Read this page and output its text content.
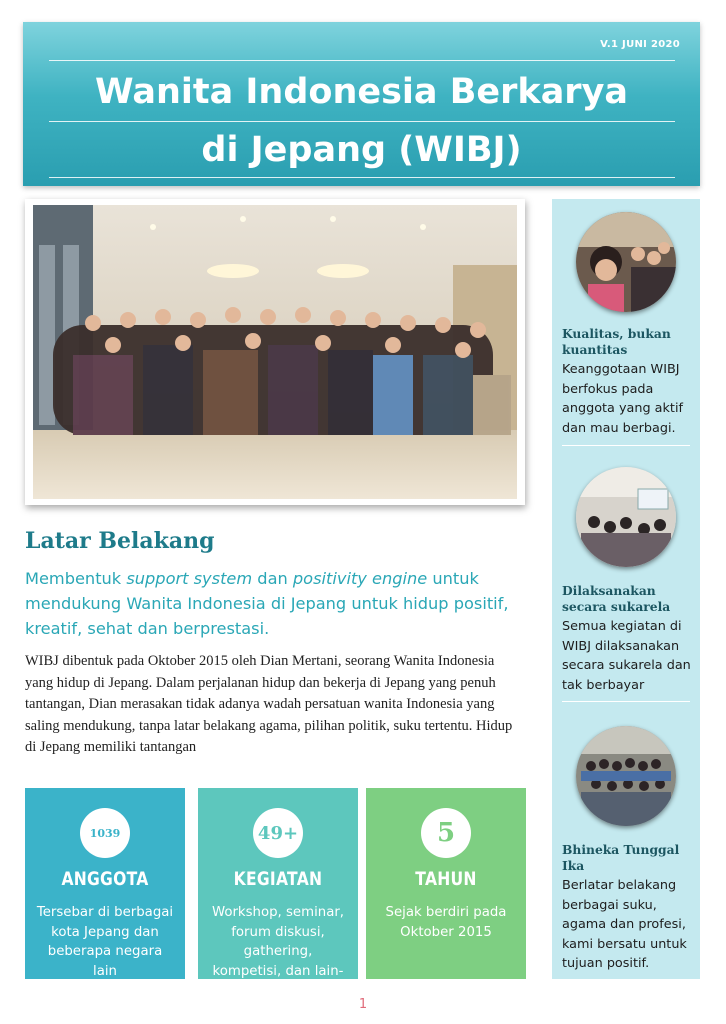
V.1 JUNI 2020
Wanita Indonesia Berkarya
di Jepang (WIBJ)
Latar Belakang

Membentuk support system dan positivity engine untuk mendukung Wanita Indonesia di Jepang untuk hidup positif, kreatif, sehat dan berprestasi.

WIBJ dibentuk pada Oktober 2015 oleh Dian Mertani, seorang Wanita Indonesia yang hidup di Jepang. Dalam perjalanan hidup dan bekerja di Jepang yang penuh tantangan, Dian merasakan tidak adanya wadah persatuan wanita Indonesia yang saling mendukung, tanpa latar belakang agama, pilihan politik, suku tertentu. Hidup di Jepang memiliki tantangan

1039
ANGGOTA
Tersebar di berbagai kota Jepang dan beberapa negara lain
49+
KEGIATAN
Workshop, seminar, forum diskusi, gathering, kompetisi, dan lain-lain
5
TAHUN
Sejak berdiri pada Oktober 2015
Kualitas, bukan kuantitas
Keanggotaan WIBJ berfokus pada anggota yang aktif dan mau berbagi.
Dilaksanakan secara sukarela
Semua kegiatan di WIBJ dilaksanakan secara sukarela dan tak berbayar
Bhineka Tunggal Ika
Berlatar belakang berbagai suku, agama dan profesi, kami bersatu untuk tujuan positif.
1
